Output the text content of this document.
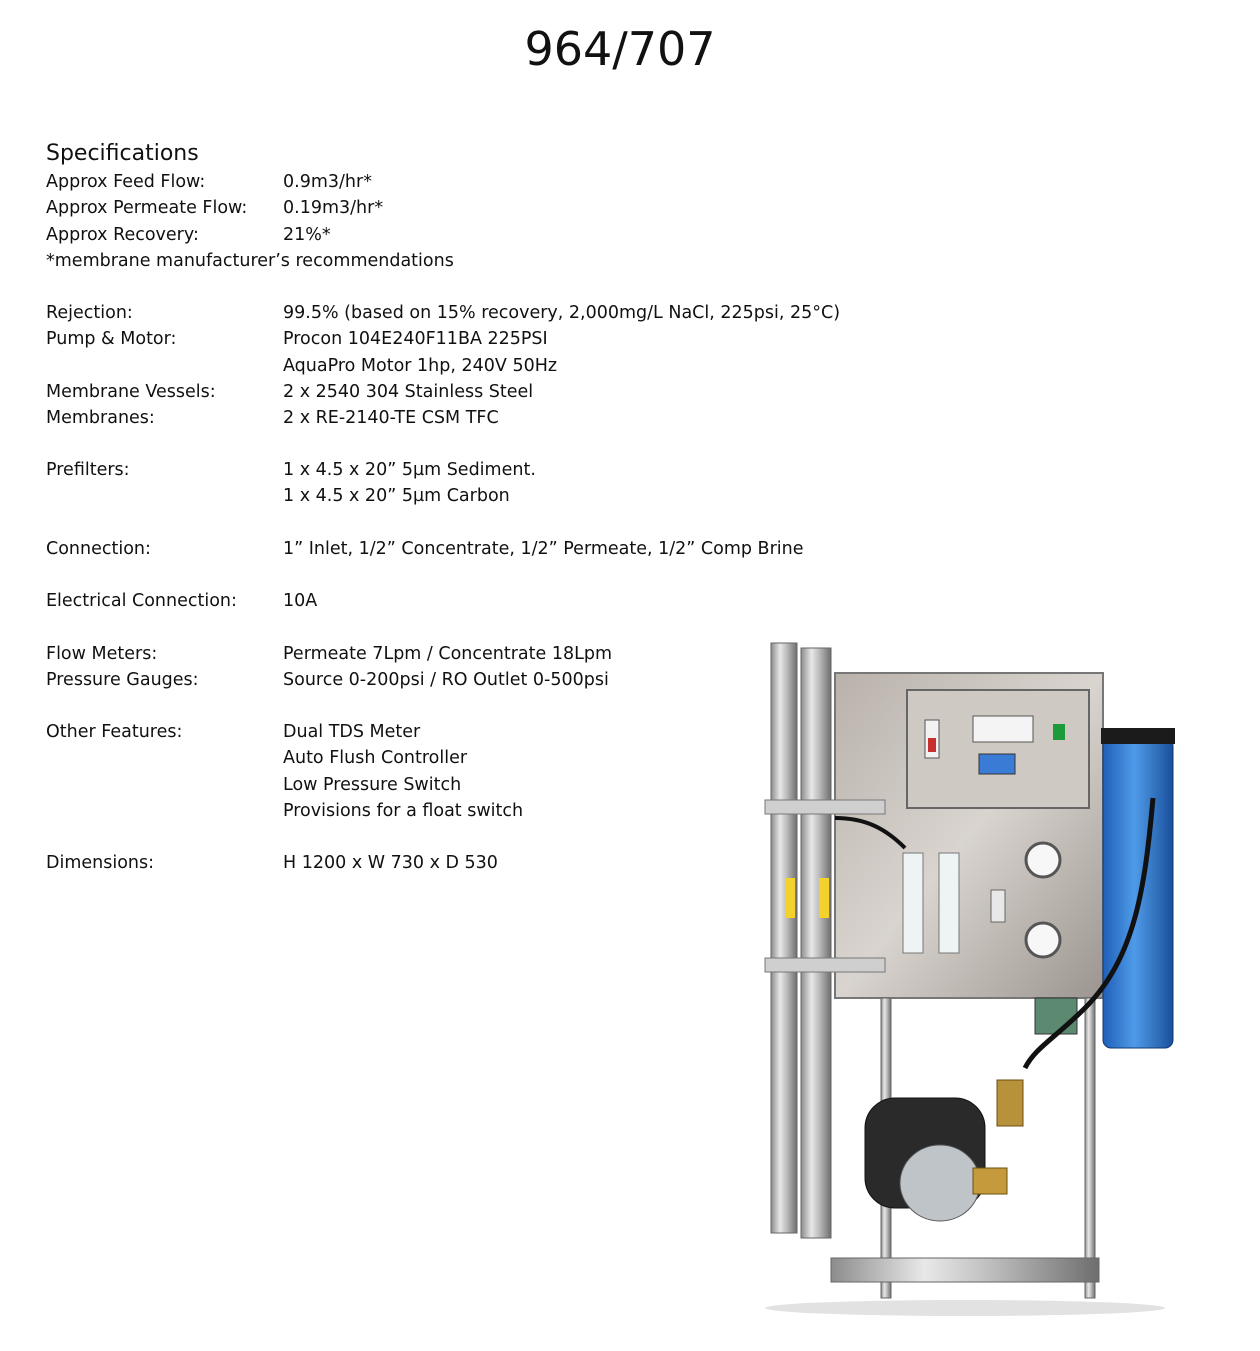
964/707
Specifications
Approx Feed Flow:	0.9m3/hr*
Approx Permeate Flow: 0.19m3/hr*
Approx Recovery:	21%*
*membrane manufacturer’s recommendations
Rejection:	99.5% (based on 15% recovery, 2,000mg/L NaCl, 225psi, 25°C)
Pump & Motor:	Procon 104E240F11BA 225PSI
AquaPro Motor 1hp, 240V 50Hz
Membrane Vessels:	2 x 2540 304 Stainless Steel
Membranes:	2 x RE-2140-TE CSM TFC
Prefilters:	1 x 4.5 x 20” 5µm Sediment.
1 x 4.5 x 20” 5µm Carbon
Connection:	1” Inlet, 1/2” Concentrate, 1/2” Permeate, 1/2” Comp Brine
Electrical Connection:	10A
Flow Meters:	Permeate 7Lpm / Concentrate 18Lpm
Pressure Gauges:	Source 0-200psi / RO Outlet 0-500psi
Other Features:	Dual TDS Meter
Auto Flush Controller
Low Pressure Switch
Provisions for a float switch
Dimensions:	H 1200 x W 730 x D 530
